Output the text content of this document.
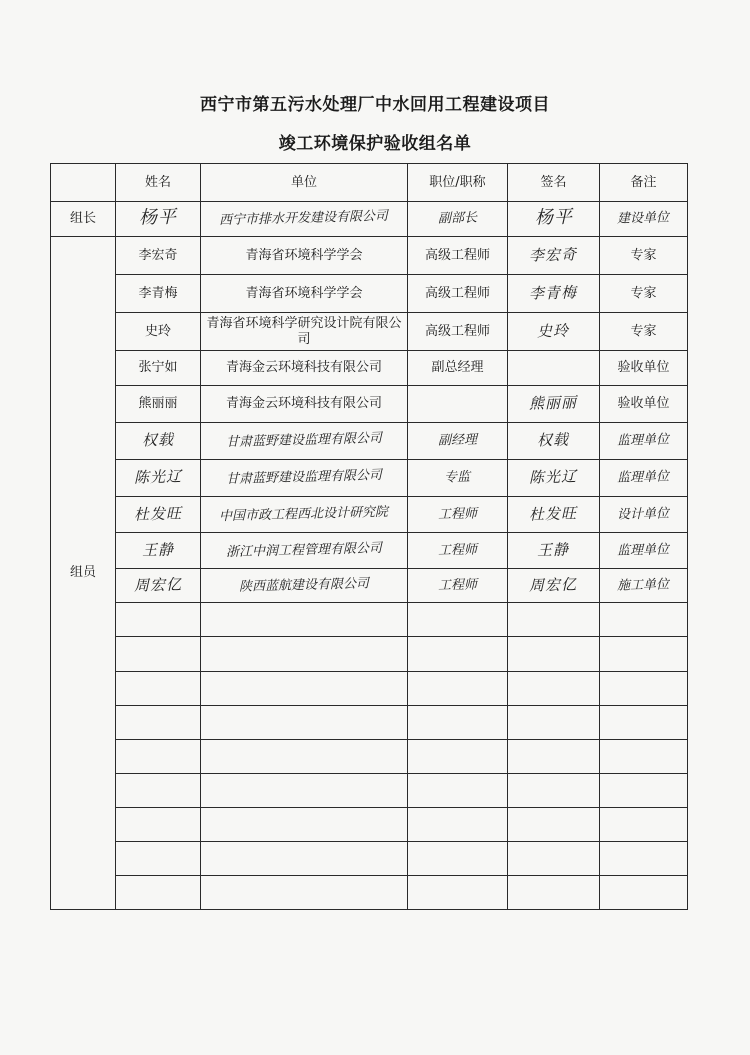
西宁市第五污水处理厂中水回用工程建设项目
竣工环境保护验收组名单
	姓名	单位	职位/职称	签名	备注
组长	杨平	西宁市排水开发建设有限公司	副部长	杨平	建设单位
组员	李宏奇	青海省环境科学学会	高级工程师	李宏奇	专家
	李青梅	青海省环境科学学会	高级工程师	李青梅	专家
	史玲	青海省环境科学研究设计院有限公司	高级工程师	史玲	专家
	张宁如	青海金云环境科技有限公司	副总经理		验收单位
	熊丽丽	青海金云环境科技有限公司		熊丽丽	验收单位
	权载	甘肃蓝野建设监理有限公司	副经理	权载	监理单位
	陈光辽	甘肃蓝野建设监理有限公司	专监	陈光辽	监理单位
	杜发旺	中国市政工程西北设计研究院	工程师	杜发旺	设计单位
	王静	浙江中润工程管理有限公司	工程师	王静	监理单位
	周宏亿	陕西蓝航建设有限公司	工程师	周宏亿	施工单位
